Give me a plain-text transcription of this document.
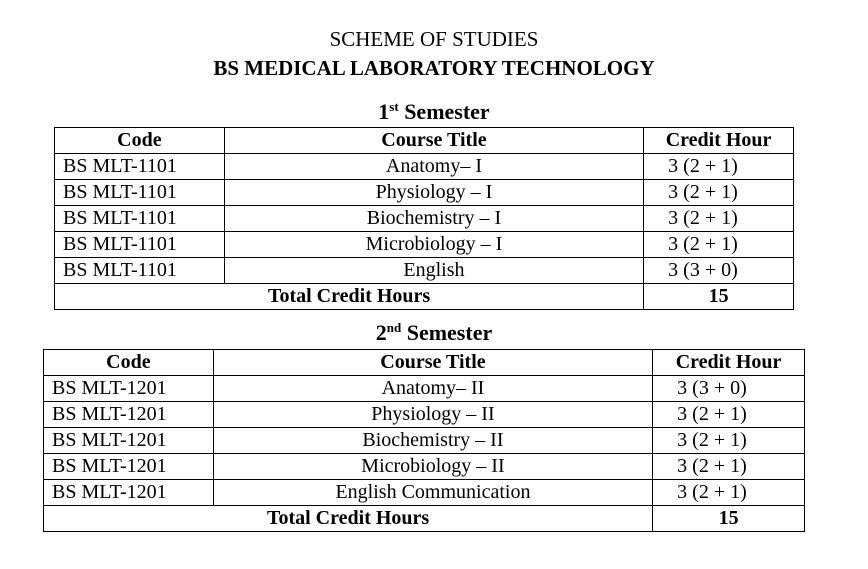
SCHEME OF STUDIES
BS MEDICAL LABORATORY TECHNOLOGY
1st Semester
Code	Course Title	Credit Hour
BS MLT-1101	Anatomy– I	3 (2 + 1)
BS MLT-1101	Physiology – I	3 (2 + 1)
BS MLT-1101	Biochemistry – I	3 (2 + 1)
BS MLT-1101	Microbiology – I	3 (2 + 1)
BS MLT-1101	English	3 (3 + 0)
Total Credit Hours		15
2nd Semester
Code	Course Title	Credit Hour
BS MLT-1201	Anatomy– II	3 (3 + 0)
BS MLT-1201	Physiology – II	3 (2 + 1)
BS MLT-1201	Biochemistry – II	3 (2 + 1)
BS MLT-1201	Microbiology – II	3 (2 + 1)
BS MLT-1201	English Communication	3 (2 + 1)
Total Credit Hours		15
